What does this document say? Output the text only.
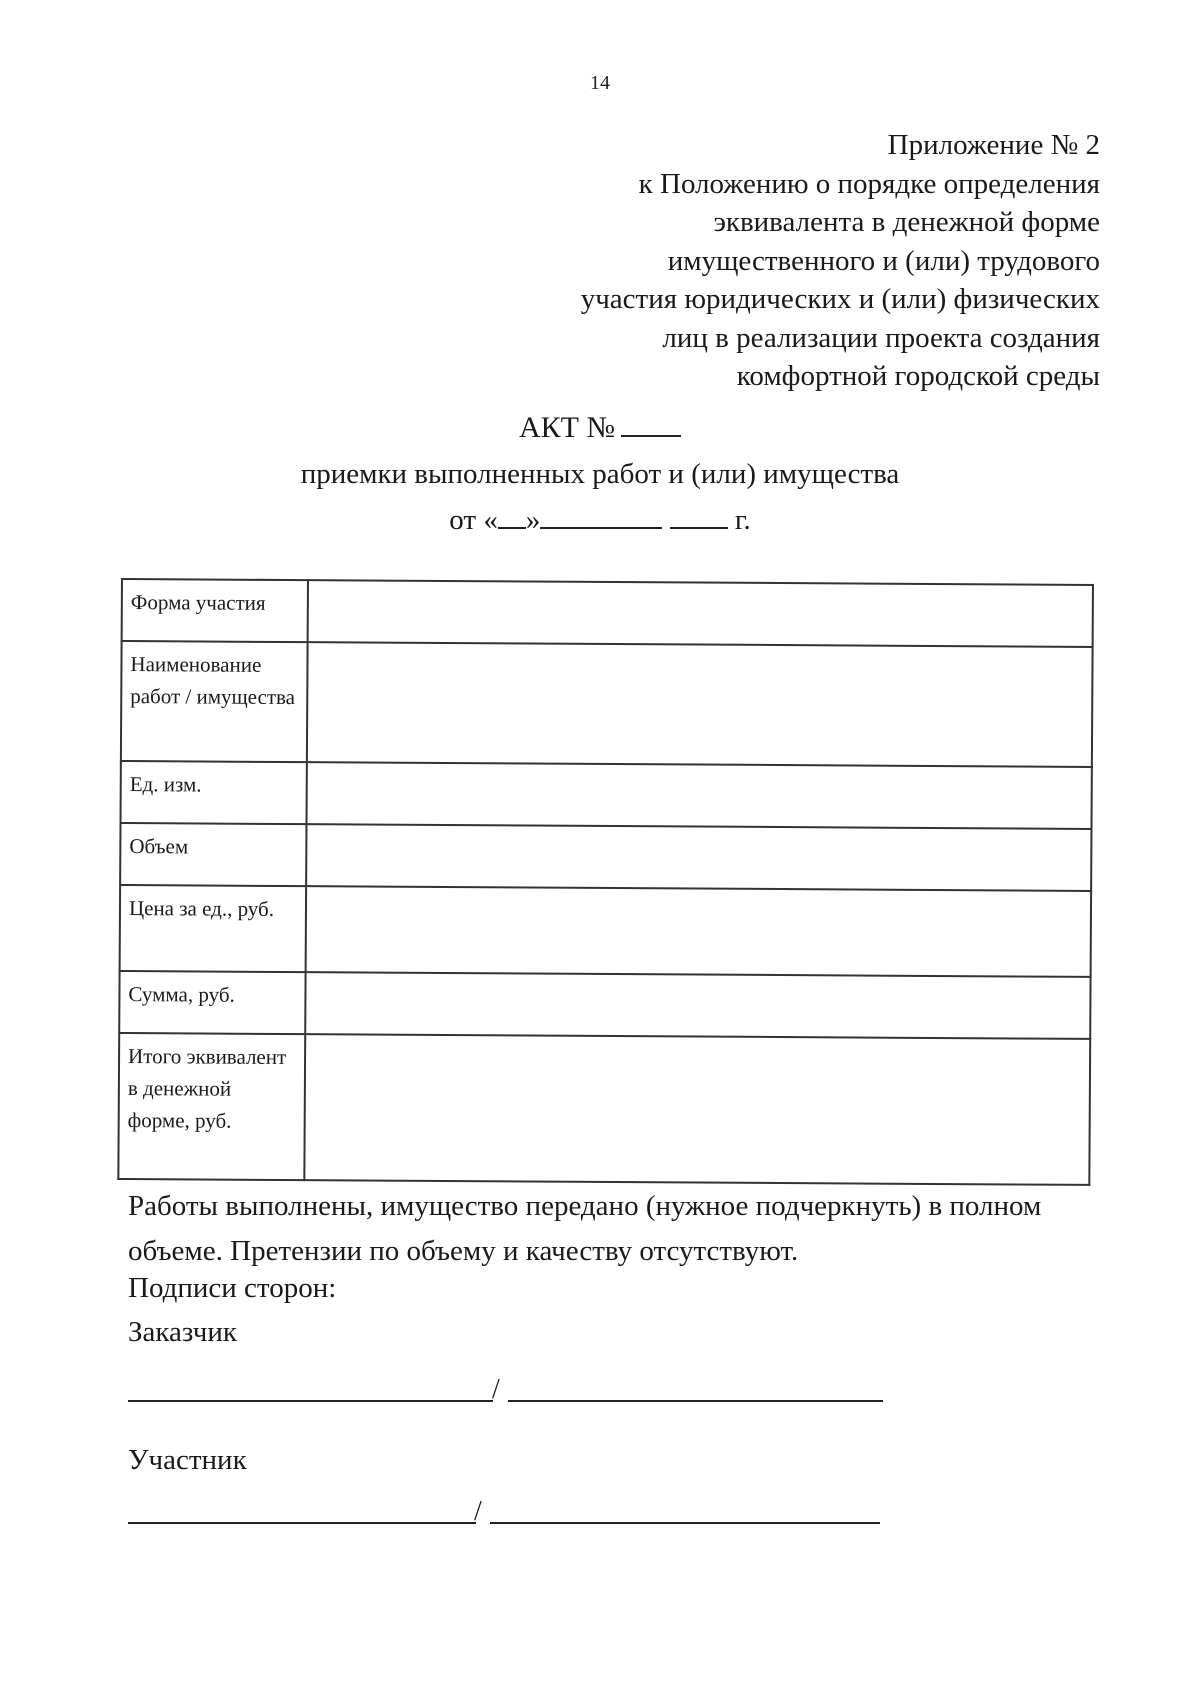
14
Приложение № 2
к Положению о порядке определения
эквивалента в денежной форме
имущественного и (или) трудового
участия юридических и (или) физических
лиц в реализации проекта создания
комфортной городской среды
АКТ №
приемки выполненных работ и (или) имущества
от « »	г.
Форма участия	
Наименование работ / имущества	
Ед. изм.	
Объем	
Цена за ед., руб.	
Сумма, руб.	
Итого эквивалент в денежной форме, руб.	
Работы выполнены, имущество передано (нужное подчеркнуть) в полном
объеме. Претензии по объему и качеству отсутствуют.
Подписи сторон:
Заказчик
/
Участник
/
